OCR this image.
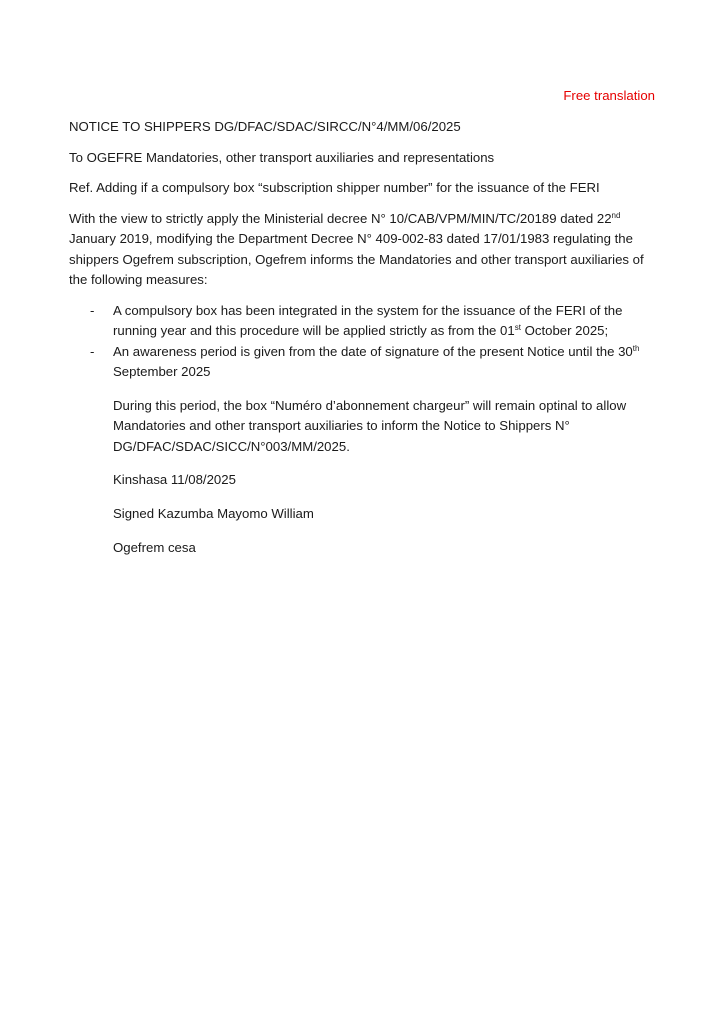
Free translation

NOTICE TO SHIPPERS DG/DFAC/SDAC/SIRCC/N°4/MM/06/2025

To OGEFRE Mandatories, other transport auxiliaries and representations

Ref. Adding if a compulsory box “subscription shipper number” for the issuance of the FERI

With the view to strictly apply the Ministerial decree N° 10/CAB/VPM/MIN/TC/20189 dated 22nd January 2019, modifying the Department Decree N° 409-002-83 dated 17/01/1983 regulating the shippers Ogefrem subscription, Ogefrem informs the Mandatories and other transport auxiliaries of the following measures:

- A compulsory box has been integrated in the system for the issuance of the FERI of the running year and this procedure will be applied strictly as from the 01st October 2025;
- An awareness period is given from the date of signature of the present Notice until the 30th September 2025

During this period, the box “Numéro d’abonnement chargeur” will remain optinal to allow Mandatories and other transport auxiliaries to inform the Notice to Shippers N° DG/DFAC/SDAC/SICC/N°003/MM/2025.

Kinshasa 11/08/2025

Signed Kazumba Mayomo William

Ogefrem cesa
